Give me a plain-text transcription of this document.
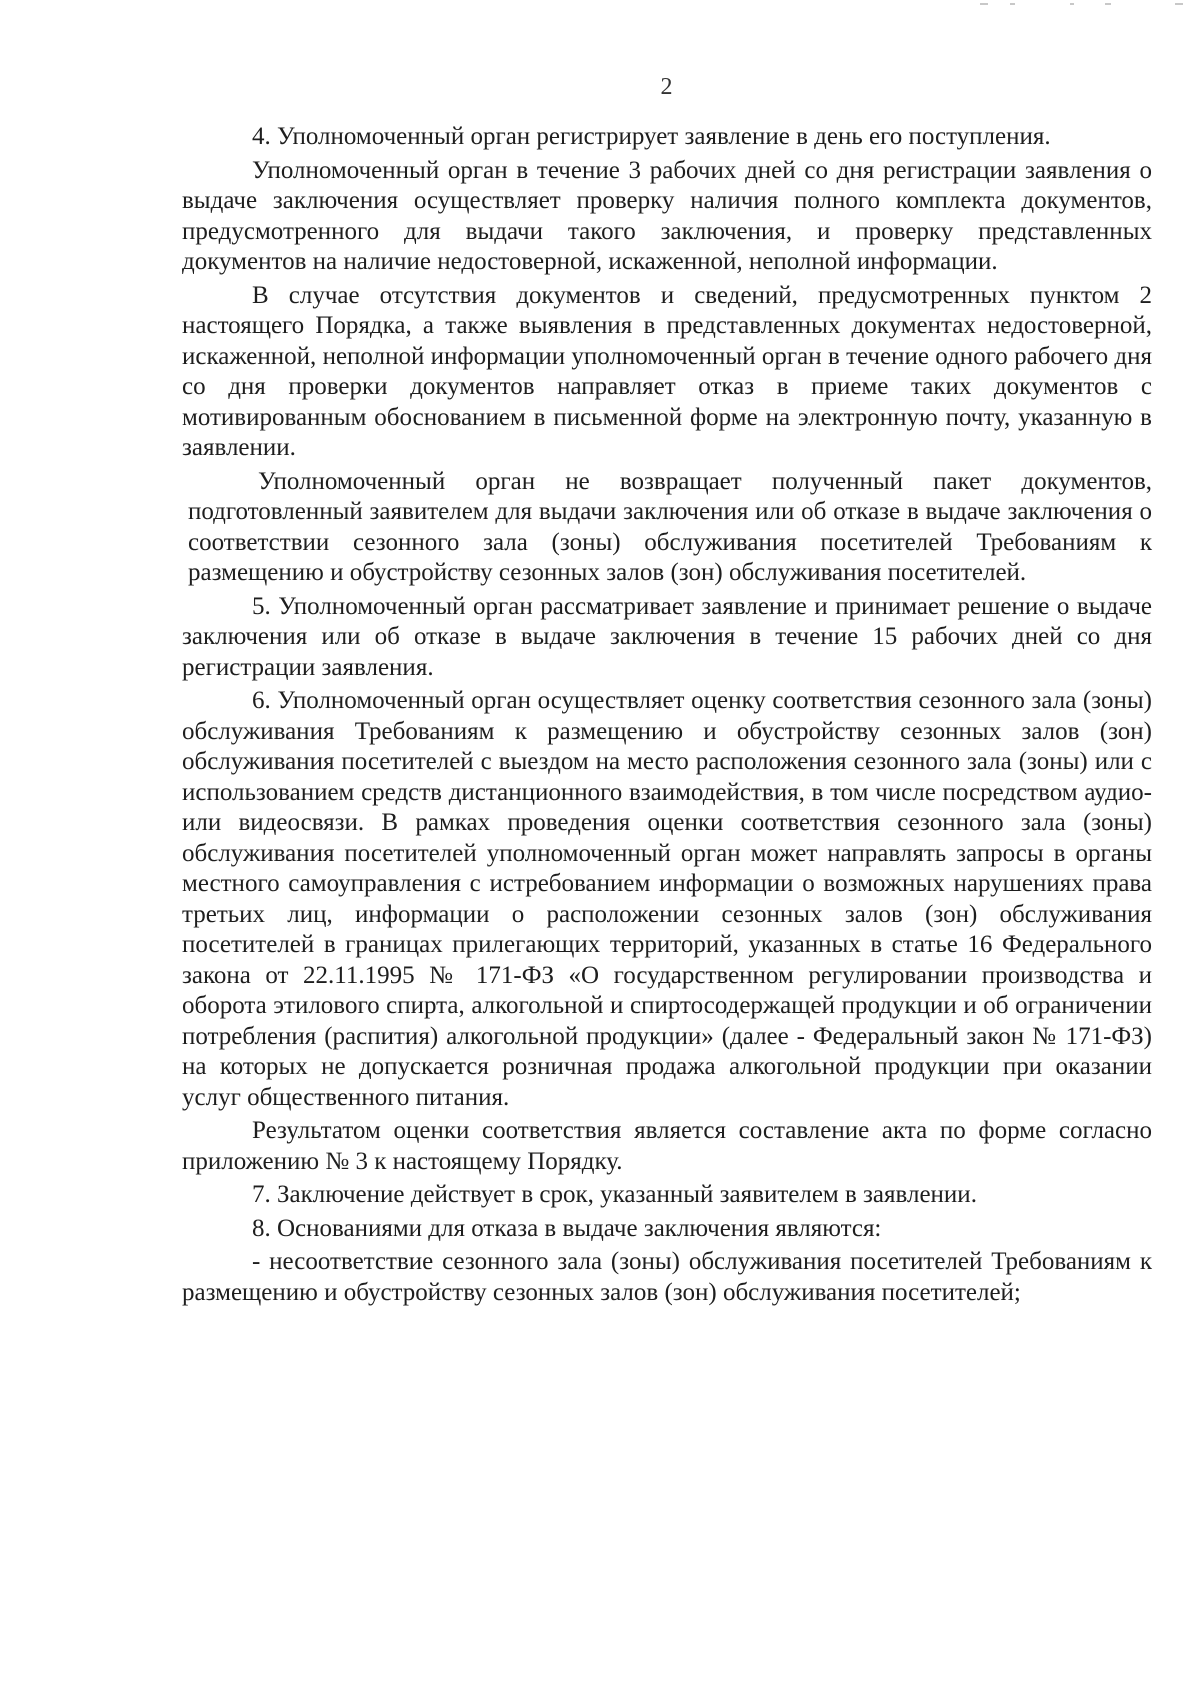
2

4. Уполномоченный орган регистрирует заявление в день его поступления.

Уполномоченный орган в течение 3 рабочих дней со дня регистрации заявления о выдаче заключения осуществляет проверку наличия полного комплекта документов, предусмотренного для выдачи такого заключения, и проверку представленных документов на наличие недостоверной, искаженной, неполной информации.

В случае отсутствия документов и сведений, предусмотренных пунктом 2 настоящего Порядка, а также выявления в представленных документах недостоверной, искаженной, неполной информации уполномоченный орган в течение одного рабочего дня со дня проверки документов направляет отказ в приеме таких документов с мотивированным обоснованием в письменной форме на электронную почту, указанную в заявлении.

Уполномоченный орган не возвращает полученный пакет документов, подготовленный заявителем для выдачи заключения или об отказе в выдаче заключения о соответствии сезонного зала (зоны) обслуживания посетителей Требованиям к размещению и обустройству сезонных залов (зон) обслуживания посетителей.

5. Уполномоченный орган рассматривает заявление и принимает решение о выдаче заключения или об отказе в выдаче заключения в течение 15 рабочих дней со дня регистрации заявления.

6. Уполномоченный орган осуществляет оценку соответствия сезонного зала (зоны) обслуживания Требованиям к размещению и обустройству сезонных залов (зон) обслуживания посетителей с выездом на место расположения сезонного зала (зоны) или с использованием средств дистанционного взаимодействия, в том числе посредством аудио- или видеосвязи. В рамках проведения оценки соответствия сезонного зала (зоны) обслуживания посетителей уполномоченный орган может направлять запросы в органы местного самоуправления с истребованием информации о возможных нарушениях права третьих лиц, информации о расположении сезонных залов (зон) обслуживания посетителей в границах прилегающих территорий, указанных в статье 16 Федерального закона от 22.11.1995 № 171-ФЗ «О государственном регулировании производства и оборота этилового спирта, алкогольной и спиртосодержащей продукции и об ограничении потребления (распития) алкогольной продукции» (далее - Федеральный закон № 171-ФЗ) на которых не допускается розничная продажа алкогольной продукции при оказании услуг общественного питания.

Результатом оценки соответствия является составление акта по форме согласно приложению № 3 к настоящему Порядку.

7. Заключение действует в срок, указанный заявителем в заявлении.

8. Основаниями для отказа в выдаче заключения являются:

- несоответствие сезонного зала (зоны) обслуживания посетителей Требованиям к размещению и обустройству сезонных залов (зон) обслуживания посетителей;
